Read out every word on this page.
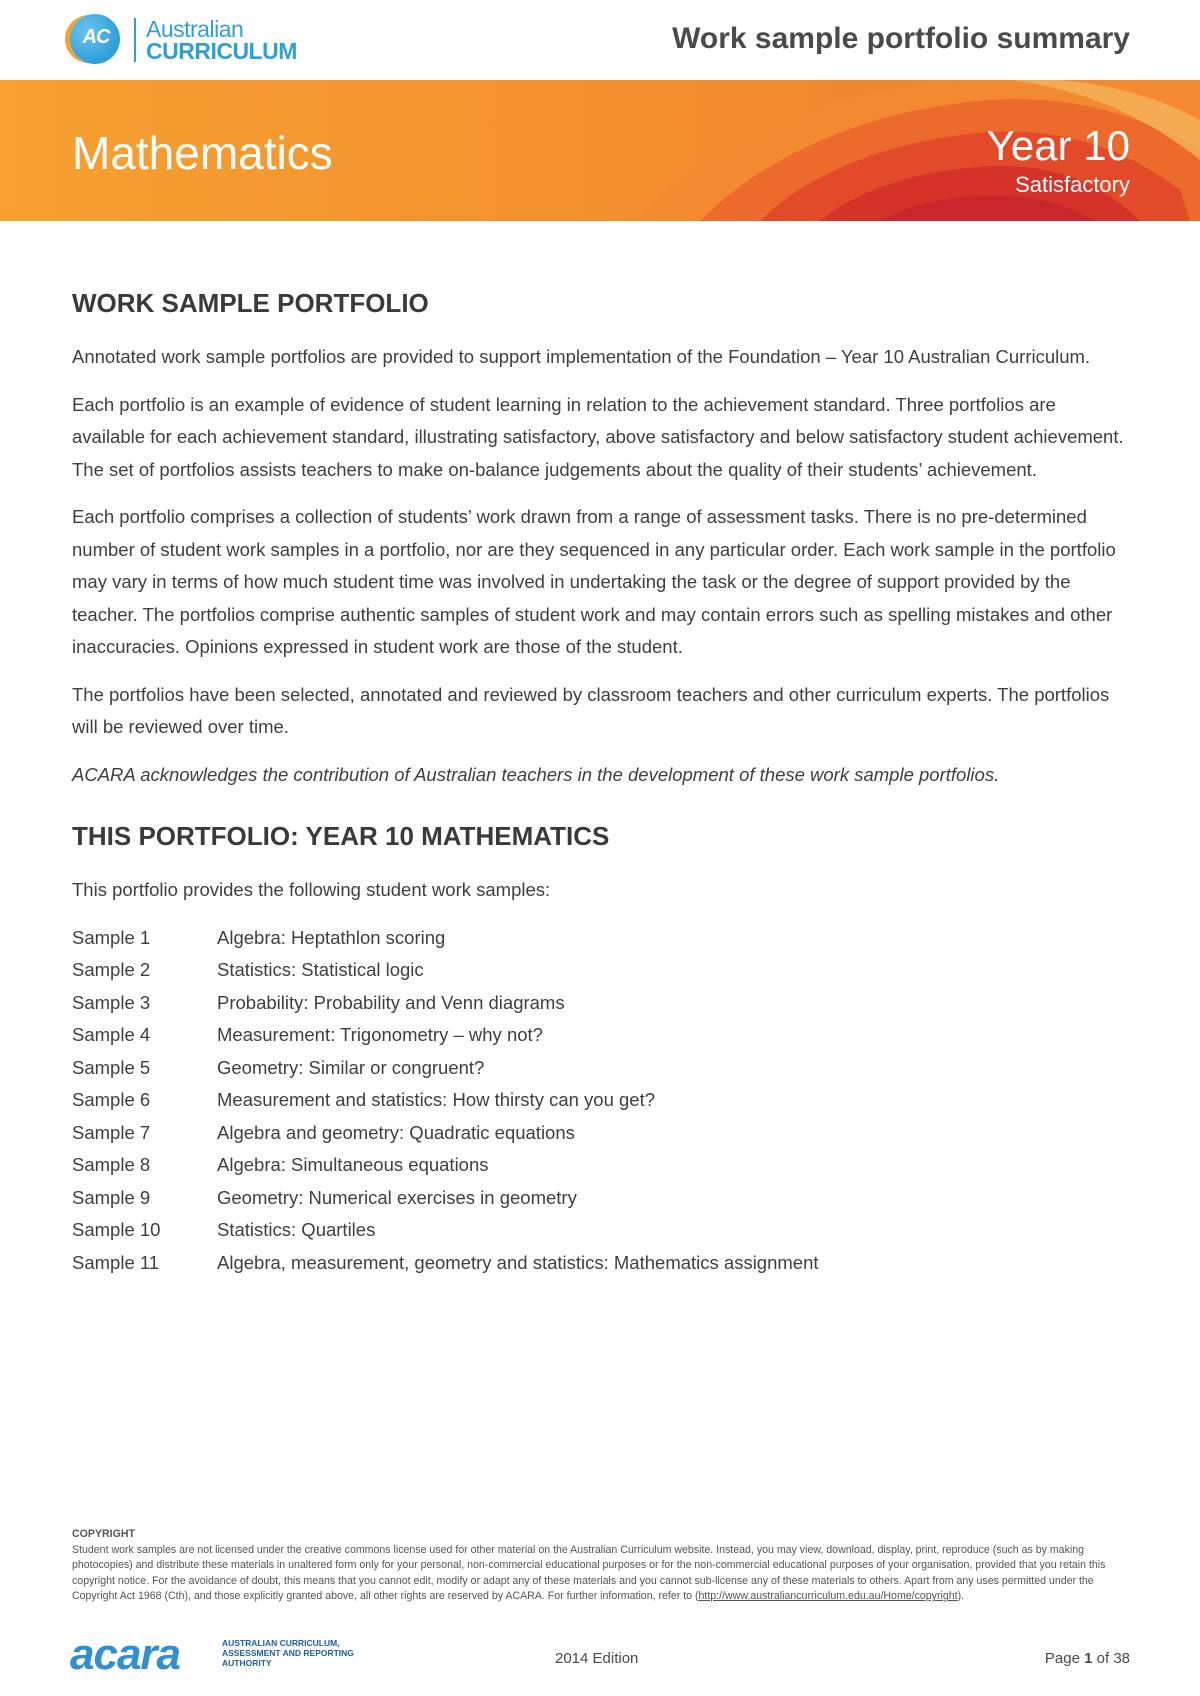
AC Australian
CURRICULUM	Work sample portfolio summary
Mathematics	Year 10
Satisfactory
WORK SAMPLE PORTFOLIO

Annotated work sample portfolios are provided to support implementation of the Foundation – Year 10 Australian Curriculum.

Each portfolio is an example of evidence of student learning in relation to the achievement standard. Three portfolios are available for each achievement standard, illustrating satisfactory, above satisfactory and below satisfactory student achievement. The set of portfolios assists teachers to make on-balance judgements about the quality of their students’ achievement.

Each portfolio comprises a collection of students’ work drawn from a range of assessment tasks. There is no pre-determined number of student work samples in a portfolio, nor are they sequenced in any particular order. Each work sample in the portfolio may vary in terms of how much student time was involved in undertaking the task or the degree of support provided by the teacher. The portfolios comprise authentic samples of student work and may contain errors such as spelling mistakes and other inaccuracies. Opinions expressed in student work are those of the student.

The portfolios have been selected, annotated and reviewed by classroom teachers and other curriculum experts. The portfolios will be reviewed over time.

ACARA acknowledges the contribution of Australian teachers in the development of these work sample portfolios.

THIS PORTFOLIO: YEAR 10 MATHEMATICS

This portfolio provides the following student work samples:

Sample 1	Algebra: Heptathlon scoring
Sample 2	Statistics: Statistical logic
Sample 3	Probability: Probability and Venn diagrams
Sample 4	Measurement: Trigonometry – why not?
Sample 5	Geometry: Similar or congruent?
Sample 6	Measurement and statistics: How thirsty can you get?
Sample 7	Algebra and geometry: Quadratic equations
Sample 8	Algebra: Simultaneous equations
Sample 9	Geometry: Numerical exercises in geometry
Sample 10	Statistics: Quartiles
Sample 11	Algebra, measurement, geometry and statistics: Mathematics assignment
COPYRIGHT
Student work samples are not licensed under the creative commons license used for other material on the Australian Curriculum website. Instead, you may view, download, display, print, reproduce (such as by making photocopies) and distribute these materials in unaltered form only for your personal, non-commercial educational purposes or for the non-commercial educational purposes of your organisation, provided that you retain this copyright notice. For the avoidance of doubt, this means that you cannot edit, modify or adapt any of these materials and you cannot sub-license any of these materials to others. Apart from any uses permitted under the Copyright Act 1968 (Cth), and those explicitly granted above, all other rights are reserved by ACARA. For further information, refer to (http://www.australiancurriculum.edu.au/Home/copyright).
acara	AUSTRALIAN CURRICULUM, ASSESSMENT AND REPORTING AUTHORITY	2014 Edition	Page 1 of 38
